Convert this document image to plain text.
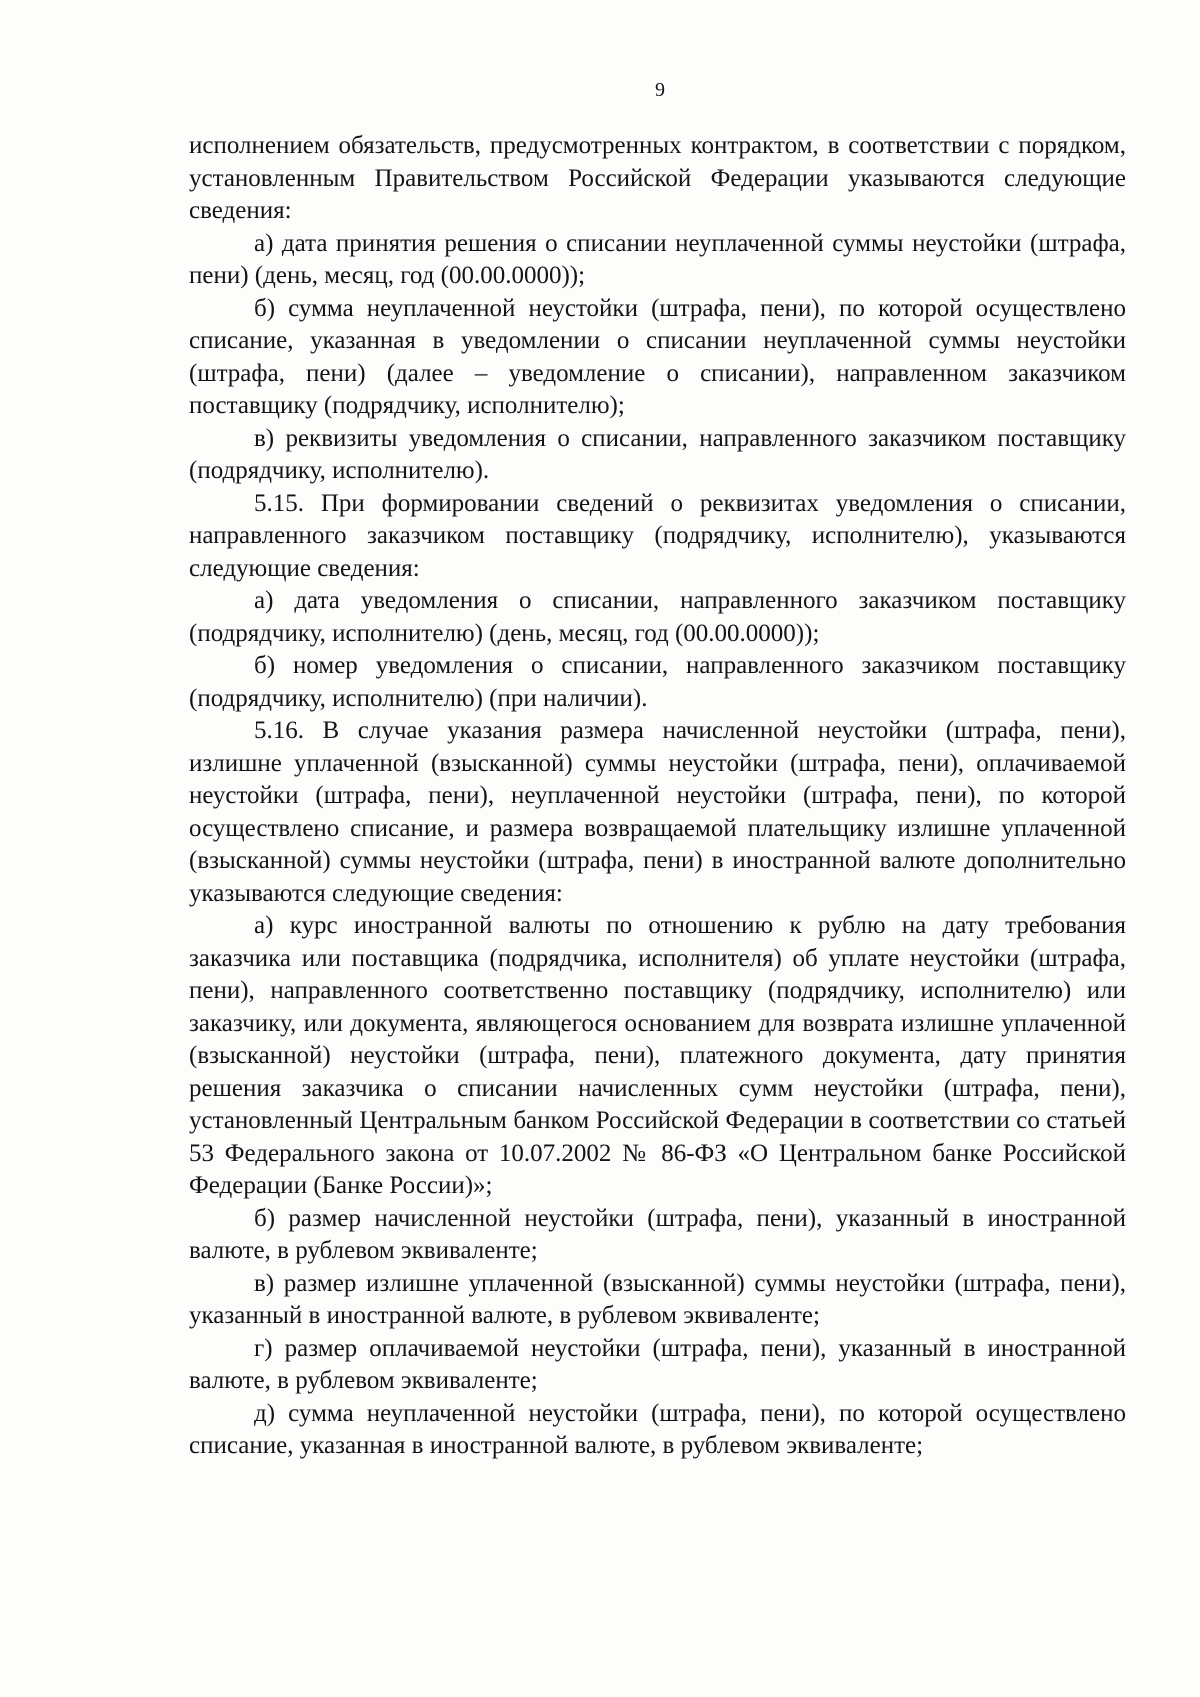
9

исполнением обязательств, предусмотренных контрактом, в соответствии с порядком, установленным Правительством Российской Федерации указываются следующие сведения:

а) дата принятия решения о списании неуплаченной суммы неустойки (штрафа, пени) (день, месяц, год (00.00.0000));

б) сумма неуплаченной неустойки (штрафа, пени), по которой осуществлено списание, указанная в уведомлении о списании неуплаченной суммы неустойки (штрафа, пени) (далее – уведомление о списании), направленном заказчиком поставщику (подрядчику, исполнителю);

в) реквизиты уведомления о списании, направленного заказчиком поставщику (подрядчику, исполнителю).

5.15. При формировании сведений о реквизитах уведомления о списании, направленного заказчиком поставщику (подрядчику, исполнителю), указываются следующие сведения:

а) дата уведомления о списании, направленного заказчиком поставщику (подрядчику, исполнителю) (день, месяц, год (00.00.0000));

б) номер уведомления о списании, направленного заказчиком поставщику (подрядчику, исполнителю) (при наличии).

5.16. В случае указания размера начисленной неустойки (штрафа, пени), излишне уплаченной (взысканной) суммы неустойки (штрафа, пени), оплачиваемой неустойки (штрафа, пени), неуплаченной неустойки (штрафа, пени), по которой осуществлено списание, и размера возвращаемой плательщику излишне уплаченной (взысканной) суммы неустойки (штрафа, пени) в иностранной валюте дополнительно указываются следующие сведения:

а) курс иностранной валюты по отношению к рублю на дату требования заказчика или поставщика (подрядчика, исполнителя) об уплате неустойки (штрафа, пени), направленного соответственно поставщику (подрядчику, исполнителю) или заказчику, или документа, являющегося основанием для возврата излишне уплаченной (взысканной) неустойки (штрафа, пени), платежного документа, дату принятия решения заказчика о списании начисленных сумм неустойки (штрафа, пени), установленный Центральным банком Российской Федерации в соответствии со статьей 53 Федерального закона от 10.07.2002 № 86-ФЗ «О Центральном банке Российской Федерации (Банке России)»;

б) размер начисленной неустойки (штрафа, пени), указанный в иностранной валюте, в рублевом эквиваленте;

в) размер излишне уплаченной (взысканной) суммы неустойки (штрафа, пени), указанный в иностранной валюте, в рублевом эквиваленте;

г) размер оплачиваемой неустойки (штрафа, пени), указанный в иностранной валюте, в рублевом эквиваленте;

д) сумма неуплаченной неустойки (штрафа, пени), по которой осуществлено списание, указанная в иностранной валюте, в рублевом эквиваленте;
